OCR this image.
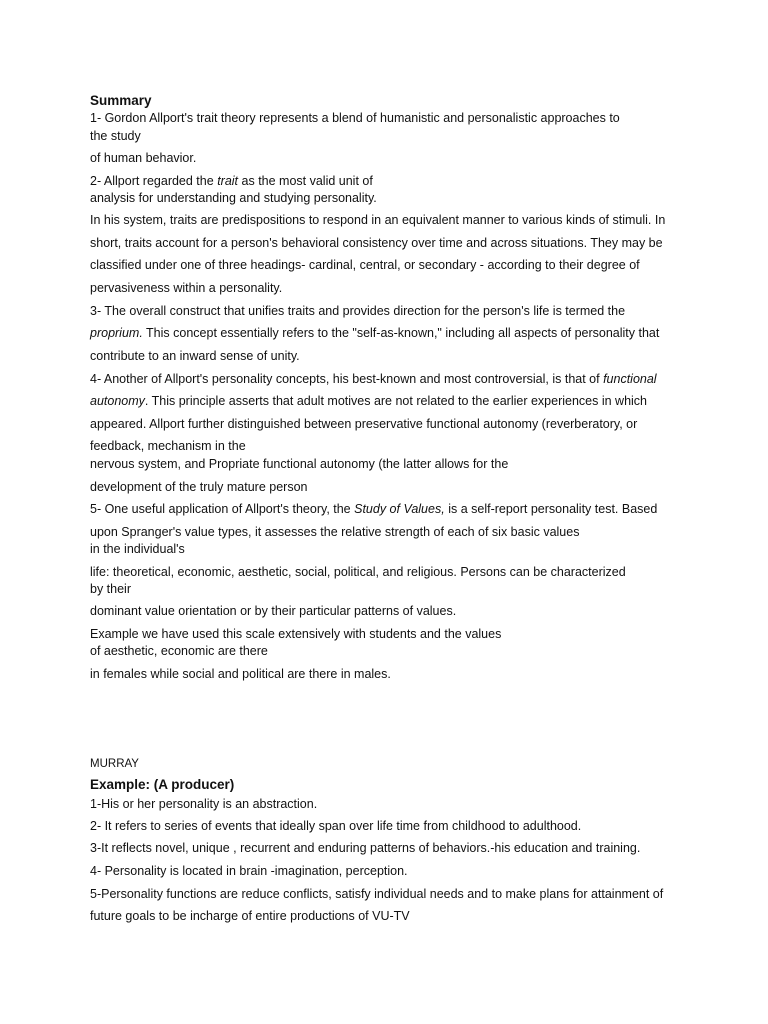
Summary
1- Gordon Allport's trait theory represents a blend of humanistic and personalistic approaches to
the study
of human behavior.
2- Allport regarded the trait as the most valid unit of
analysis for understanding and studying personality.
In his system, traits are predispositions to respond in an equivalent manner to various kinds of stimuli. In
short, traits account for a person's behavioral consistency over time and across situations. They may be
classified under one of three headings- cardinal, central, or secondary - according to their degree of
pervasiveness within a personality.
3- The overall construct that unifies traits and provides direction for the person's life is termed the
proprium. This concept essentially refers to the "self-as-known," including all aspects of personality that
contribute to an inward sense of unity.
4- Another of Allport's personality concepts, his best-known and most controversial, is that of functional
autonomy. This principle asserts that adult motives are not related to the earlier experiences in which
appeared. Allport further distinguished between preservative functional autonomy (reverberatory, or
feedback, mechanism in the
nervous system, and Propriate functional autonomy (the latter allows for the
development of the truly mature person
5- One useful application of Allport's theory, the Study of Values, is a self-report personality test. Based
upon Spranger's value types, it assesses the relative strength of each of six basic values
in the individual's
life: theoretical, economic, aesthetic, social, political, and religious. Persons can be characterized
by their
dominant value orientation or by their particular patterns of values.
Example we have used this scale extensively with students and the values
of aesthetic, economic are there
in females while social and political are there in males.
MURRAY
Example: (A producer)
1-His or her personality is an abstraction.
2- It refers to series of events that ideally span over life time from childhood to adulthood.
3-It reflects novel, unique , recurrent and enduring patterns of behaviors.-his education and training.
4- Personality is located in brain -imagination, perception.
5-Personality functions are reduce conflicts, satisfy individual needs and to make plans for attainment of
future goals to be incharge of entire productions of VU-TV
